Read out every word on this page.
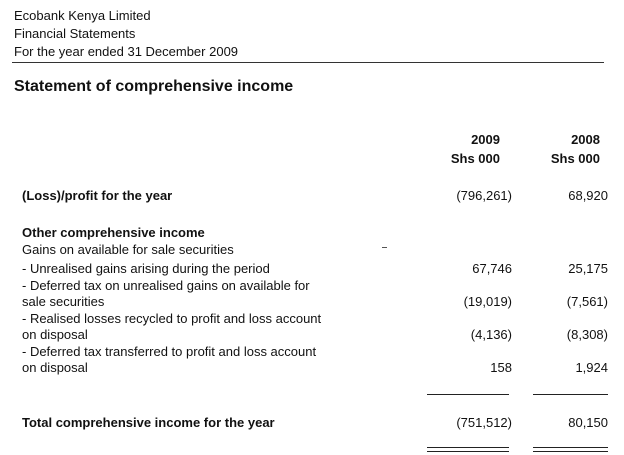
Ecobank Kenya Limited
Financial Statements
For the year ended 31 December 2009
Statement of comprehensive income
2009
Shs 000
2008
Shs 000
(Loss)/profit for the year	(796,261)	68,920
Other comprehensive income
Gains on available for sale securities
- Unrealised gains arising during the period	67,746	25,175
- Deferred tax on unrealised gains on available for
sale securities	(19,019)	(7,561)
- Realised losses recycled to profit and loss account
on disposal	(4,136)	(8,308)
- Deferred tax transferred to profit and loss account
on disposal	158	1,924
Total comprehensive income for the year	(751,512)	80,150
